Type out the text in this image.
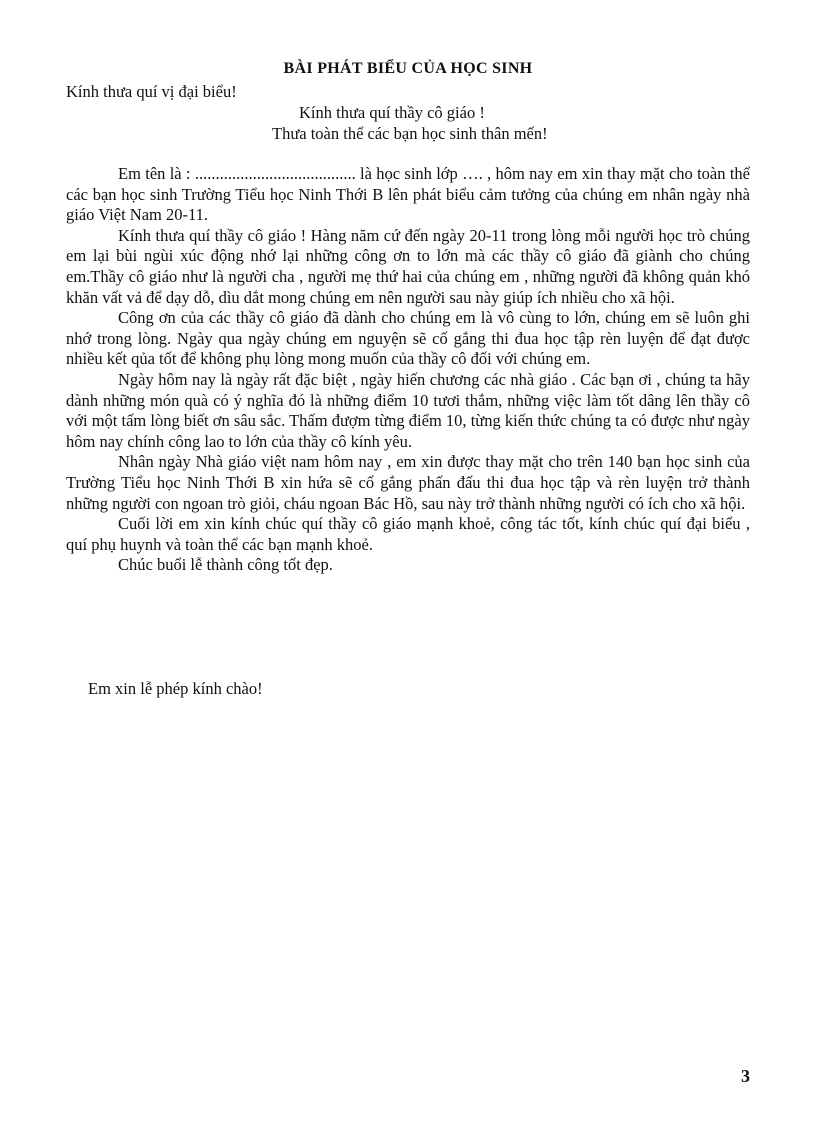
BÀI PHÁT BIỂU CỦA HỌC SINH
Kính thưa quí vị đại biểu!
Kính thưa quí thầy cô giáo !
Thưa toàn thể các bạn học sinh thân mến!

Em tên là : ....................................... là học sinh lớp …. , hôm nay em xin thay mặt cho toàn thể các bạn học sinh Trường Tiểu học Ninh Thới B lên phát biểu cảm tưởng của chúng em nhân ngày nhà giáo Việt Nam 20-11.

Kính thưa quí thầy cô giáo ! Hàng năm cứ đến ngày 20-11 trong lòng mỗi người học trò chúng em lại bùi ngùi xúc động nhớ lại những công ơn to lớn mà các thầy cô giáo đã giành cho chúng em.Thầy cô giáo như là người cha , người mẹ thứ hai của chúng em , những người đã không quản khó khăn vất vả để dạy dỗ, dìu dắt mong chúng em nên người sau này giúp ích nhiều cho xã hội.

Công ơn của các thầy cô giáo đã dành cho chúng em là vô cùng to lớn, chúng em sẽ luôn ghi nhớ trong lòng. Ngày qua ngày chúng em nguyện sẽ cố gắng thi đua học tập rèn luyện để đạt được nhiều kết qủa tốt để không phụ lòng mong muốn của thầy cô đối với chúng em.

Ngày hôm nay là ngày rất đặc biệt , ngày hiến chương các nhà giáo . Các bạn ơi , chúng ta hãy dành những món quà có ý nghĩa đó là những điểm 10 tươi thắm, những việc làm tốt dâng lên thầy cô với một tấm lòng biết ơn sâu sắc. Thấm đượm từng điểm 10, từng kiến thức chúng ta có được như ngày hôm nay chính công lao to lớn của thầy cô kính yêu.

Nhân ngày Nhà giáo việt nam hôm nay , em xin được thay mặt cho trên 140 bạn học sinh của Trường Tiểu học Ninh Thới B xin hứa sẽ cố gắng phấn đấu thi đua học tập và rèn luyện trở thành những người con ngoan trò giỏi, cháu ngoan Bác Hồ, sau này trở thành những người có ích cho xã hội.

Cuối lời em xin kính chúc quí thầy cô giáo mạnh khoẻ, công tác tốt, kính chúc quí đại biểu , quí phụ huynh và toàn thể các bạn mạnh khoẻ.

Chúc buổi lễ thành công tốt đẹp.

Em xin lễ phép kính chào!
3
